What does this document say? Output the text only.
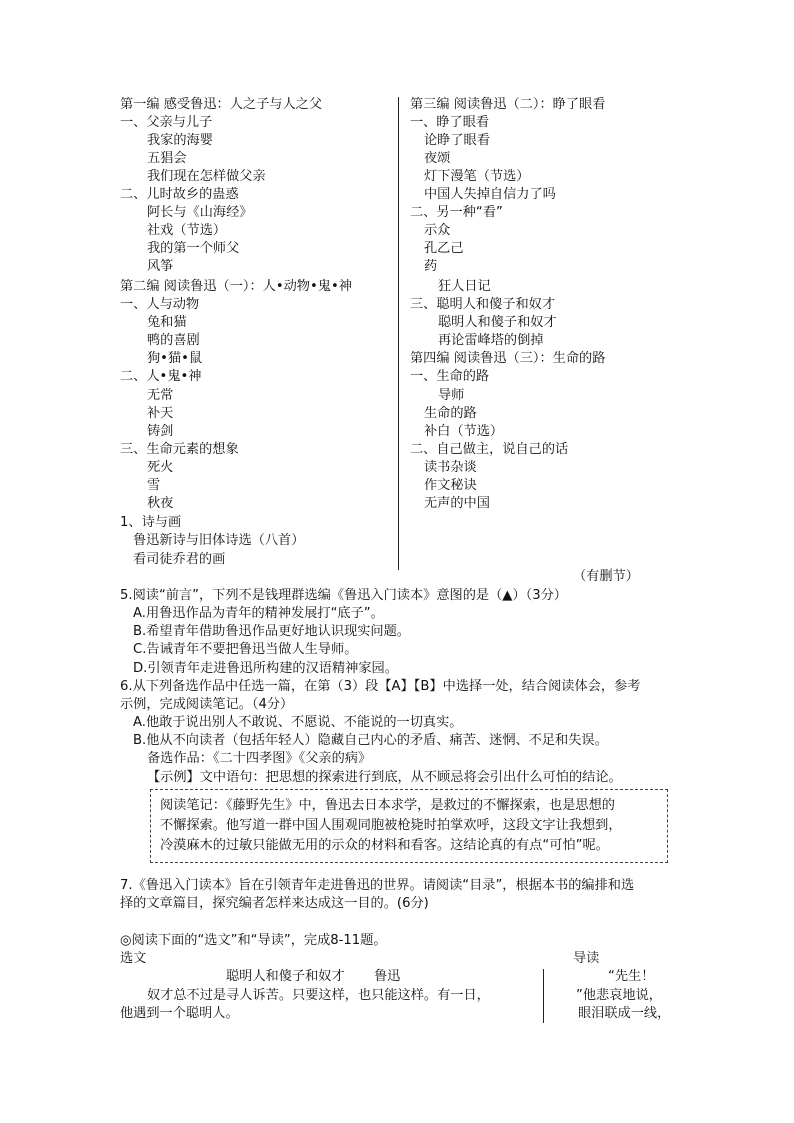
第一编 感受鲁迅：人之子与人之父
一、父亲与儿子
我家的海婴
五猖会
我们现在怎样做父亲
二、儿时故乡的蛊惑
阿长与《山海经》
社戏（节选）
我的第一个师父
风筝
第二编 阅读鲁迅（一）：人•动物•鬼•神
一、人与动物
兔和猫
鸭的喜剧
狗•猫•鼠
二、人•鬼•神
无常
补天
铸剑
三、生命元素的想象
死火
雪
秋夜
1、诗与画
鲁迅新诗与旧体诗选（八首）
看司徒乔君的画
第三编 阅读鲁迅（二）：睁了眼看
一、睁了眼看
论睁了眼看
夜颂
灯下漫笔（节选）
中国人失掉自信力了吗
二、另一种“看”
示众
孔乙己
药
狂人日记
三、聪明人和傻子和奴才
聪明人和傻子和奴才
再论雷峰塔的倒掉
第四编 阅读鲁迅（三）：生命的路
一、生命的路
导师
生命的路
补白（节选）
二、自己做主，说自己的话
读书杂谈
作文秘诀
无声的中国
（有删节）
5.阅读“前言”，下列不是钱理群选编《鲁迅入门读本》意图的是（▲）（3分）
A.用鲁迅作品为青年的精神发展打“底子”。
B.希望青年借助鲁迅作品更好地认识现实问题。
C.告诫青年不要把鲁迅当做人生导师。
D.引领青年走进鲁迅所构建的汉语精神家园。
6.从下列备选作品中任选一篇，在第（3）段【A】【B】中选择一处，结合阅读体会，参考
示例，完成阅读笔记。（4分）
A.他敢于说出别人不敢说、不愿说、不能说的一切真实。
B.他从不向读者（包括年轻人）隐藏自己内心的矛盾、痛苦、迷惘、不足和失误。
备选作品：《二十四孝图》《父亲的病》
【示例】文中语句：把思想的探索进行到底，从不顾忌将会引出什么可怕的结论。
阅读笔记：《藤野先生》中，鲁迅去日本求学，是救过的不懈探索，也是思想的
不懈探索。他写道一群中国人围观同胞被枪毙时拍掌欢呼，这段文字让我想到，
冷漠麻木的过敏只能做无用的示众的材料和看客。这结论真的有点“可怕”呢。
7.《鲁迅入门读本》旨在引领青年走进鲁迅的世界。请阅读“目录”，根据本书的编排和选
择的文章篇目，探究编者怎样来达成这一目的。(6分)
◎阅读下面的“选文”和“导读”，完成8-11题。
选文	导读
聪明人和傻子和奴才 鲁迅
奴才总不过是寻人诉苦。只要这样，也只能这样。有一日，
他遇到一个聪明人。
“先生！
”他悲哀地说，
眼泪联成一线，
